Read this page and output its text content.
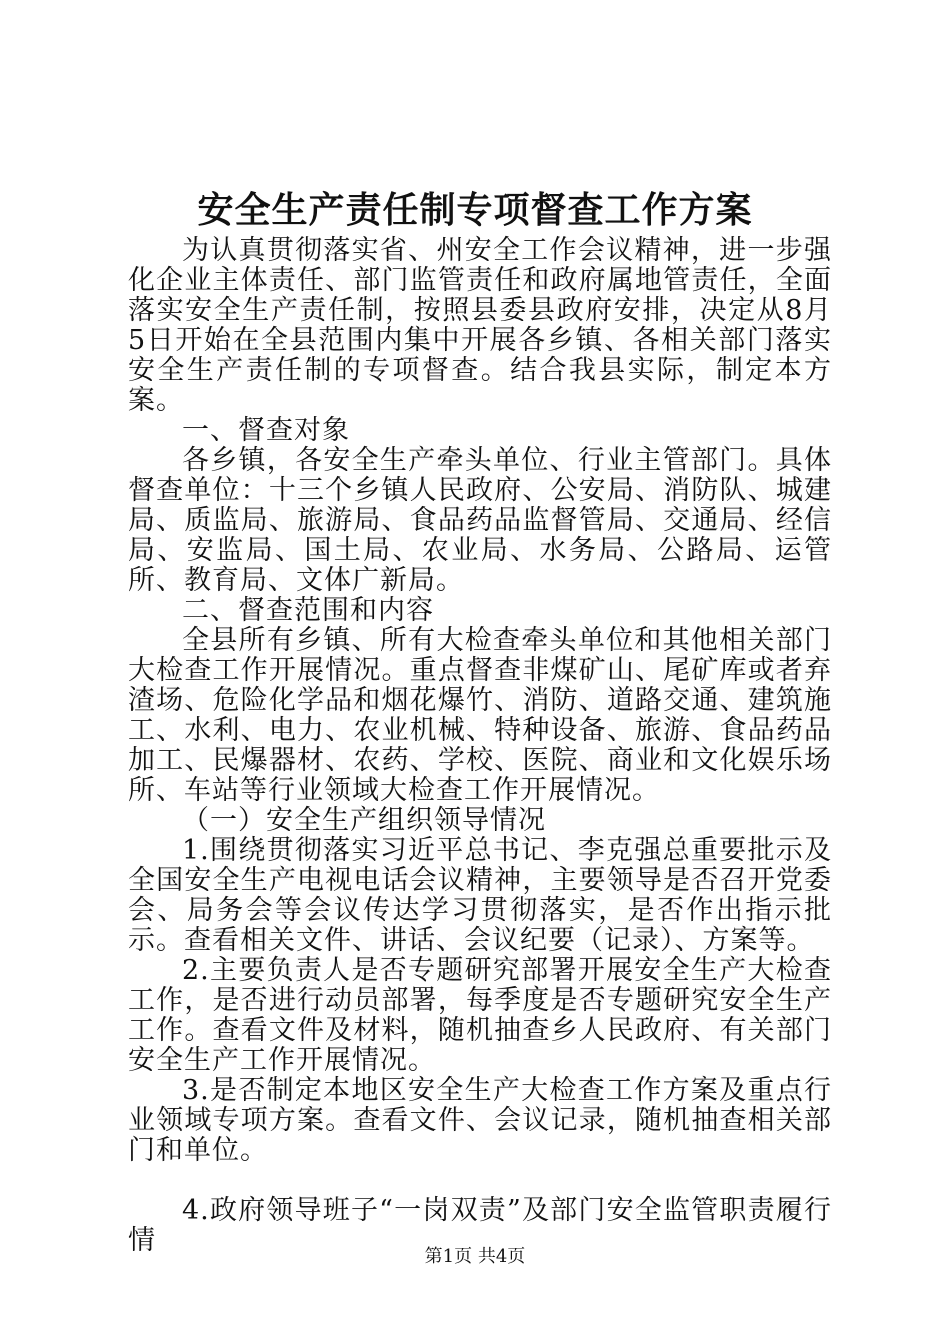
安全生产责任制专项督查工作方案

为认真贯彻落实省、州安全工作会议精神，进一步强化企业主体责任、部门监管责任和政府属地管责任，全面落实安全生产责任制，按照县委县政府安排，决定从8月5日开始在全县范围内集中开展各乡镇、各相关部门落实安全生产责任制的专项督查。结合我县实际，制定本方案。

一、督查对象

各乡镇，各安全生产牵头单位、行业主管部门。具体督查单位：十三个乡镇人民政府、公安局、消防队、城建局、质监局、旅游局、食品药品监督管局、交通局、经信局、安监局、国土局、农业局、水务局、公路局、运管所、教育局、文体广新局。

二、督查范围和内容

全县所有乡镇、所有大检查牵头单位和其他相关部门大检查工作开展情况。重点督查非煤矿山、尾矿库或者弃渣场、危险化学品和烟花爆竹、消防、道路交通、建筑施工、水利、电力、农业机械、特种设备、旅游、食品药品加工、民爆器材、农药、学校、医院、商业和文化娱乐场所、车站等行业领域大检查工作开展情况。

（一）安全生产组织领导情况

1.围绕贯彻落实习近平总书记、李克强总重要批示及全国安全生产电视电话会议精神，主要领导是否召开党委会、局务会等会议传达学习贯彻落实，是否作出指示批示。查看相关文件、讲话、会议纪要（记录）、方案等。

2.主要负责人是否专题研究部署开展安全生产大检查工作，是否进行动员部署，每季度是否专题研究安全生产工作。查看文件及材料，随机抽查乡人民政府、有关部门安全生产工作开展情况。

3.是否制定本地区安全生产大检查工作方案及重点行业领域专项方案。查看文件、会议记录，随机抽查相关部门和单位。

4.政府领导班子“一岗双责”及部门安全监管职责履行情

第1页 共4页
